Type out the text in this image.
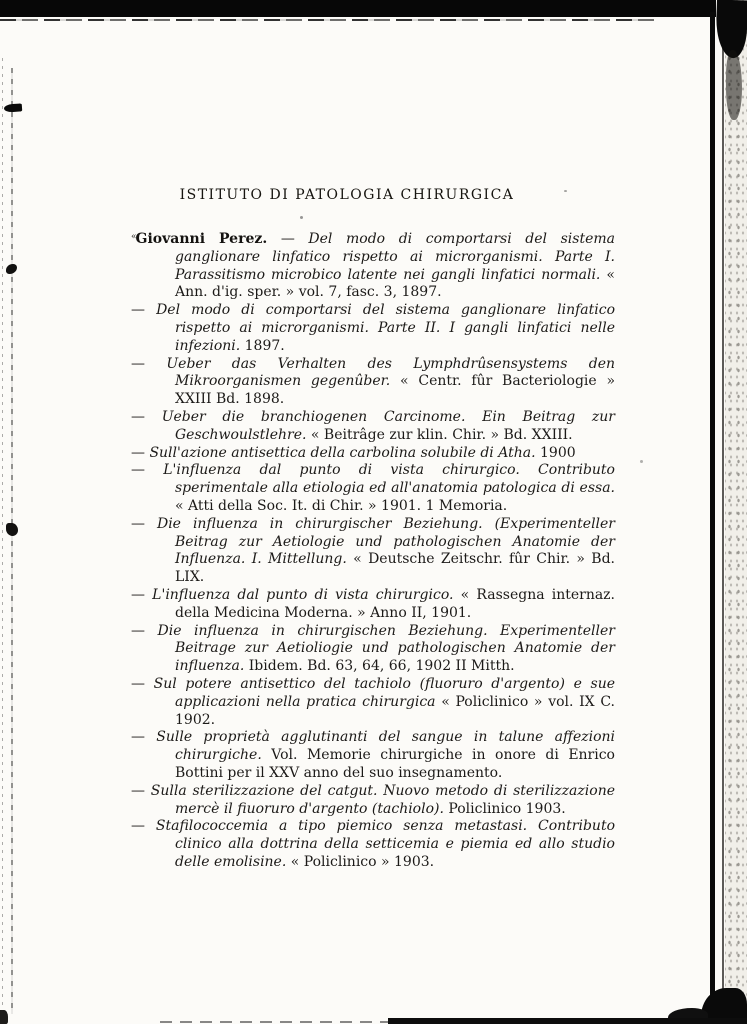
ISTITUTO DI PATOLOGIA CHIRURGICA
«Giovanni Perez. — Del modo di comportarsi del sistema ganglionare linfatico rispetto ai microrganismi. Parte I. Parassitismo microbico latente nei gangli linfatici normali. « Ann. d'ig. sper. » vol. 7, fasc. 3, 1897.
— Del modo di comportarsi del sistema ganglionare linfatico rispetto ai microrganismi. Parte II. I gangli linfatici nelle infezioni. 1897.
— Ueber das Verhalten des Lymphdrûsensystems den Mikroorganismen gegenûber. « Centr. fûr Bacteriologie » XXIII Bd. 1898.
— Ueber die branchiogenen Carcinome. Ein Beitrag zur Geschwoulstlehre. « Beitrâge zur klin. Chir. » Bd. XXIII.
— Sull'azione antisettica della carbolina solubile di Atha. 1900
— L'influenza dal punto di vista chirurgico. Contributo sperimentale alla etiologia ed all'anatomia patologica di essa. « Atti della Soc. It. di Chir. » 1901. 1 Memoria.
— Die influenza in chirurgischer Beziehung. (Experimenteller Beitrag zur Aetiologie und pathologischen Anatomie der Influenza. I. Mittellung. « Deutsche Zeitschr. fûr Chir. » Bd. LIX.
— L'influenza dal punto di vista chirurgico. « Rassegna internaz. della Medicina Moderna. » Anno II, 1901.
— Die influenza in chirurgischen Beziehung. Experimenteller Beitrage zur Aetioliogie und pathologischen Anatomie der influenza. Ibidem. Bd. 63, 64, 66, 1902 II Mitth.
— Sul potere antisettico del tachiolo (fluoruro d'argento) e sue applicazioni nella pratica chirurgica « Policlinico » vol. IX C. 1902.
— Sulle proprietà agglutinanti del sangue in talune affezioni chirurgiche. Vol. Memorie chirurgiche in onore di Enrico Bottini per il XXV anno del suo insegnamento.
— Sulla sterilizzazione del catgut. Nuovo metodo di sterilizzazione mercè il fiuoruro d'argento (tachiolo). Policlinico 1903.
— Stafilococcemia a tipo piemico senza metastasi. Contributo clinico alla dottrina della setticemia e piemia ed allo studio delle emolisine. « Policlinico » 1903.
